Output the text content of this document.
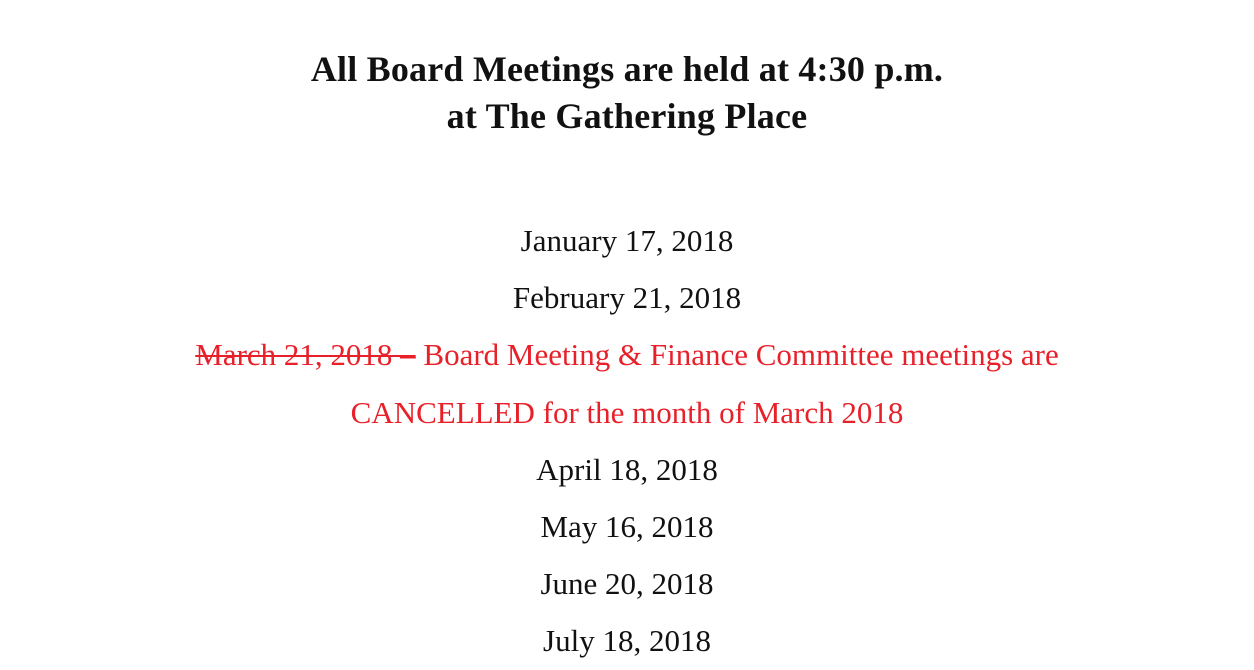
All Board Meetings are held at 4:30 p.m.
at The Gathering Place
January 17, 2018
February 21, 2018
March 21, 2018 – Board Meeting & Finance Committee meetings are
CANCELLED for the month of March 2018
April 18, 2018
May 16, 2018
June 20, 2018
July 18, 2018
